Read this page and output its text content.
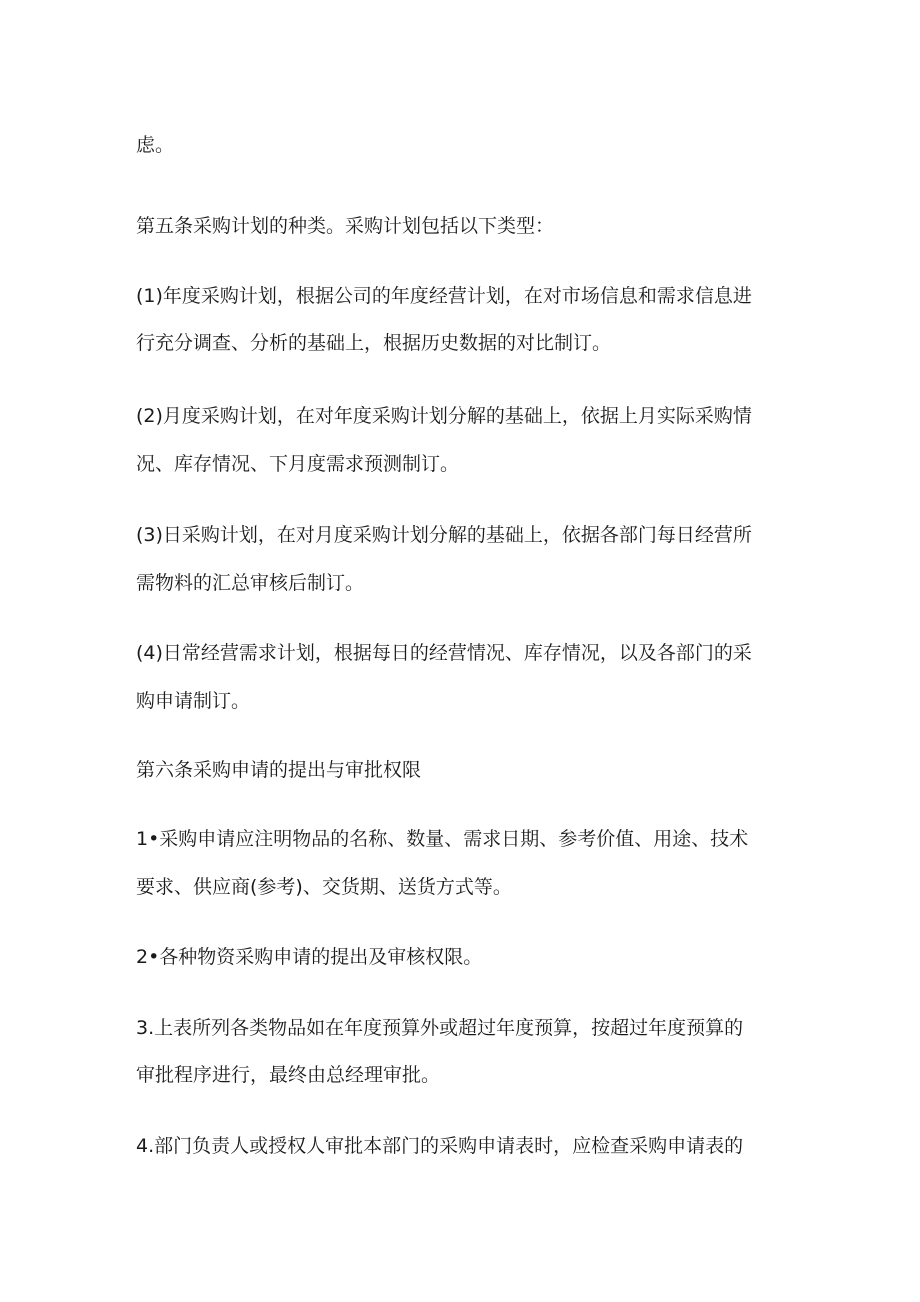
虑。
第五条采购计划的种类。采购计划包括以下类型：
(1)年度采购计划，根据公司的年度经营计划，在对市场信息和需求信息进
行充分调查、分析的基础上，根据历史数据的对比制订。
(2)月度采购计划，在对年度采购计划分解的基础上，依据上月实际采购情
况、库存情况、下月度需求预测制订。
(3)日采购计划，在对月度采购计划分解的基础上，依据各部门每日经营所
需物料的汇总审核后制订。
(4)日常经营需求计划，根据每日的经营情况、库存情况，以及各部门的采
购申请制订。
第六条采购申请的提出与审批权限
1•采购申请应注明物品的名称、数量、需求日期、参考价值、用途、技术
要求、供应商(参考)、交货期、送货方式等。
2•各种物资采购申请的提出及审核权限。
3.上表所列各类物品如在年度预算外或超过年度预算，按超过年度预算的
审批程序进行，最终由总经理审批。
4.部门负责人或授权人审批本部门的采购申请表时，应检查采购申请表的
